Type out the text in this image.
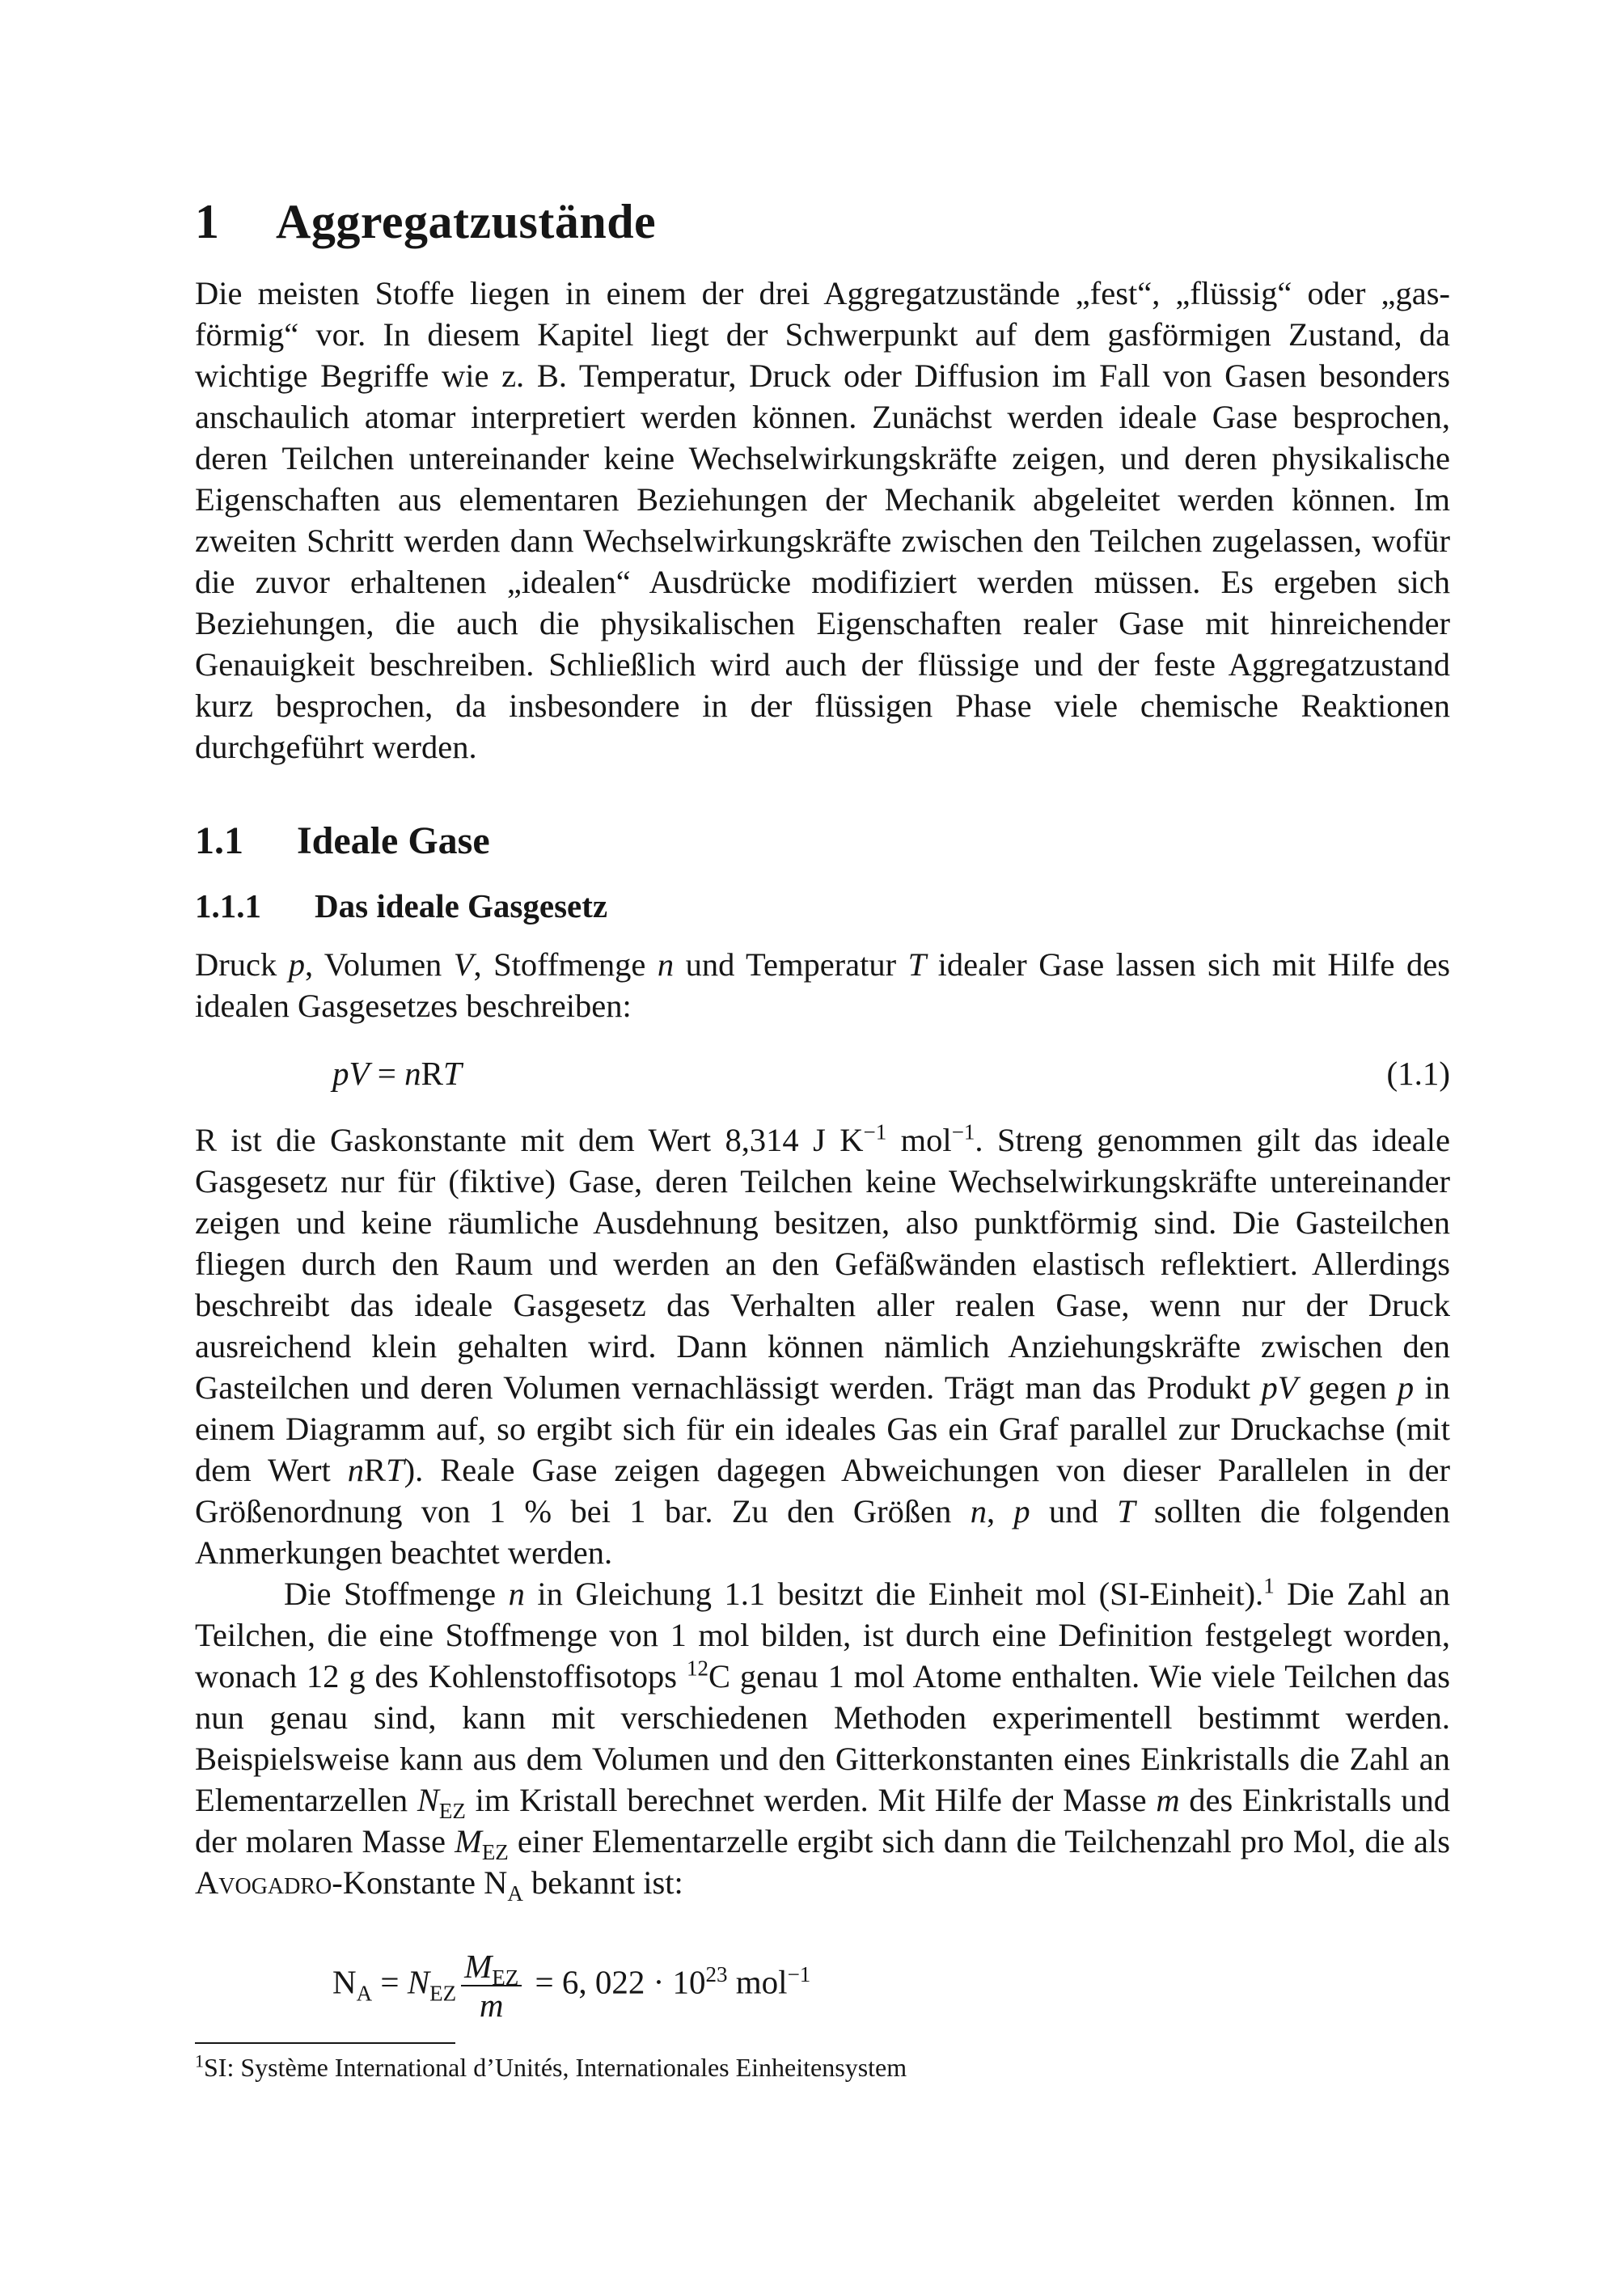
1 Aggregatzustände

Die meisten Stoffe liegen in einem der drei Aggregatzustände „fest“, „flüssig“ oder „gasförmig“ vor. In diesem Kapitel liegt der Schwerpunkt auf dem gasförmigen Zustand, da wichtige Begriffe wie z. B. Temperatur, Druck oder Diffusion im Fall von Gasen besonders anschaulich atomar interpretiert werden können. Zunächst werden ideale Gase besprochen, deren Teilchen untereinander keine Wechselwirkungskräfte zeigen, und deren physikalische Eigenschaften aus elementaren Beziehungen der Mechanik abgeleitet werden können. Im zweiten Schritt werden dann Wechselwirkungskräfte zwischen den Teilchen zugelassen, wofür die zuvor erhaltenen „idealen“ Ausdrücke modifiziert werden müssen. Es ergeben sich Beziehungen, die auch die physikalischen Eigenschaften realer Gase mit hinreichender Genauigkeit beschreiben. Schließlich wird auch der flüssige und der feste Aggregatzustand kurz besprochen, da insbesondere in der flüssigen Phase viele chemische Reaktionen durchgeführt werden.

1.1 Ideale Gase
1.1.1 Das ideale Gasgesetz

Druck p, Volumen V, Stoffmenge n und Temperatur T idealer Gase lassen sich mit Hilfe des idealen Gasgesetzes beschreiben:

pV = nRT	(1.1)

R ist die Gaskonstante mit dem Wert 8,314 J $K^{-1}$ mol$^{-1}$. Streng genommen gilt das ideale Gasgesetz nur für (fiktive) Gase, deren Teilchen keine Wechselwirkungskräfte untereinander zeigen und keine räumliche Ausdehnung besitzen, also punktförmig sind. Die Gasteilchen fliegen durch den Raum und werden an den Gefäßwänden elastisch reflektiert. Allerdings beschreibt das ideale Gasgesetz das Verhalten aller realen Gase, wenn nur der Druck ausreichend klein gehalten wird. Dann können nämlich Anziehungskräfte zwischen den Gasteilchen und deren Volumen vernachlässigt werden. Trägt man das Produkt pV gegen p in einem Diagramm auf, so ergibt sich für ein ideales Gas ein Graf parallel zur Druckachse (mit dem Wert nRT). Reale Gase zeigen dagegen Abweichungen von dieser Parallelen in der Größenordnung von 1 % bei 1 bar. Zu den Größen n, p und T sollten die folgenden Anmerkungen beachtet werden.

Die Stoffmenge n in Gleichung 1.1 besitzt die Einheit mol (SI-Einheit).$^1$ Die Zahl an Teilchen, die eine Stoffmenge von 1 mol bilden, ist durch eine Definition festgelegt worden, wonach 12 g des Kohlenstoffisotops $^{12}$C genau 1 mol Atome enthalten. Wie viele Teilchen das nun genau sind, kann mit verschiedenen Methoden experimentell bestimmt werden. Beispielsweise kann aus dem Volumen und den Gitterkonstanten eines Einkristalls die Zahl an Elementarzellen $N_{EZ}$ im Kristall berechnet werden. Mit Hilfe der Masse m des Einkristalls und der molaren Masse $M_{EZ}$ einer Elementarzelle ergibt sich dann die Teilchenzahl pro Mol, die als Avogadro-Konstante $N_A$ bekannt ist:

$N_A = N_{EZ} \frac{M_{EZ}}{m} = 6$, $022 \cdot 10^{23}$ mol$^{-1}$
$^1$SI: Système International d’Unités, Internationales Einheitensystem
